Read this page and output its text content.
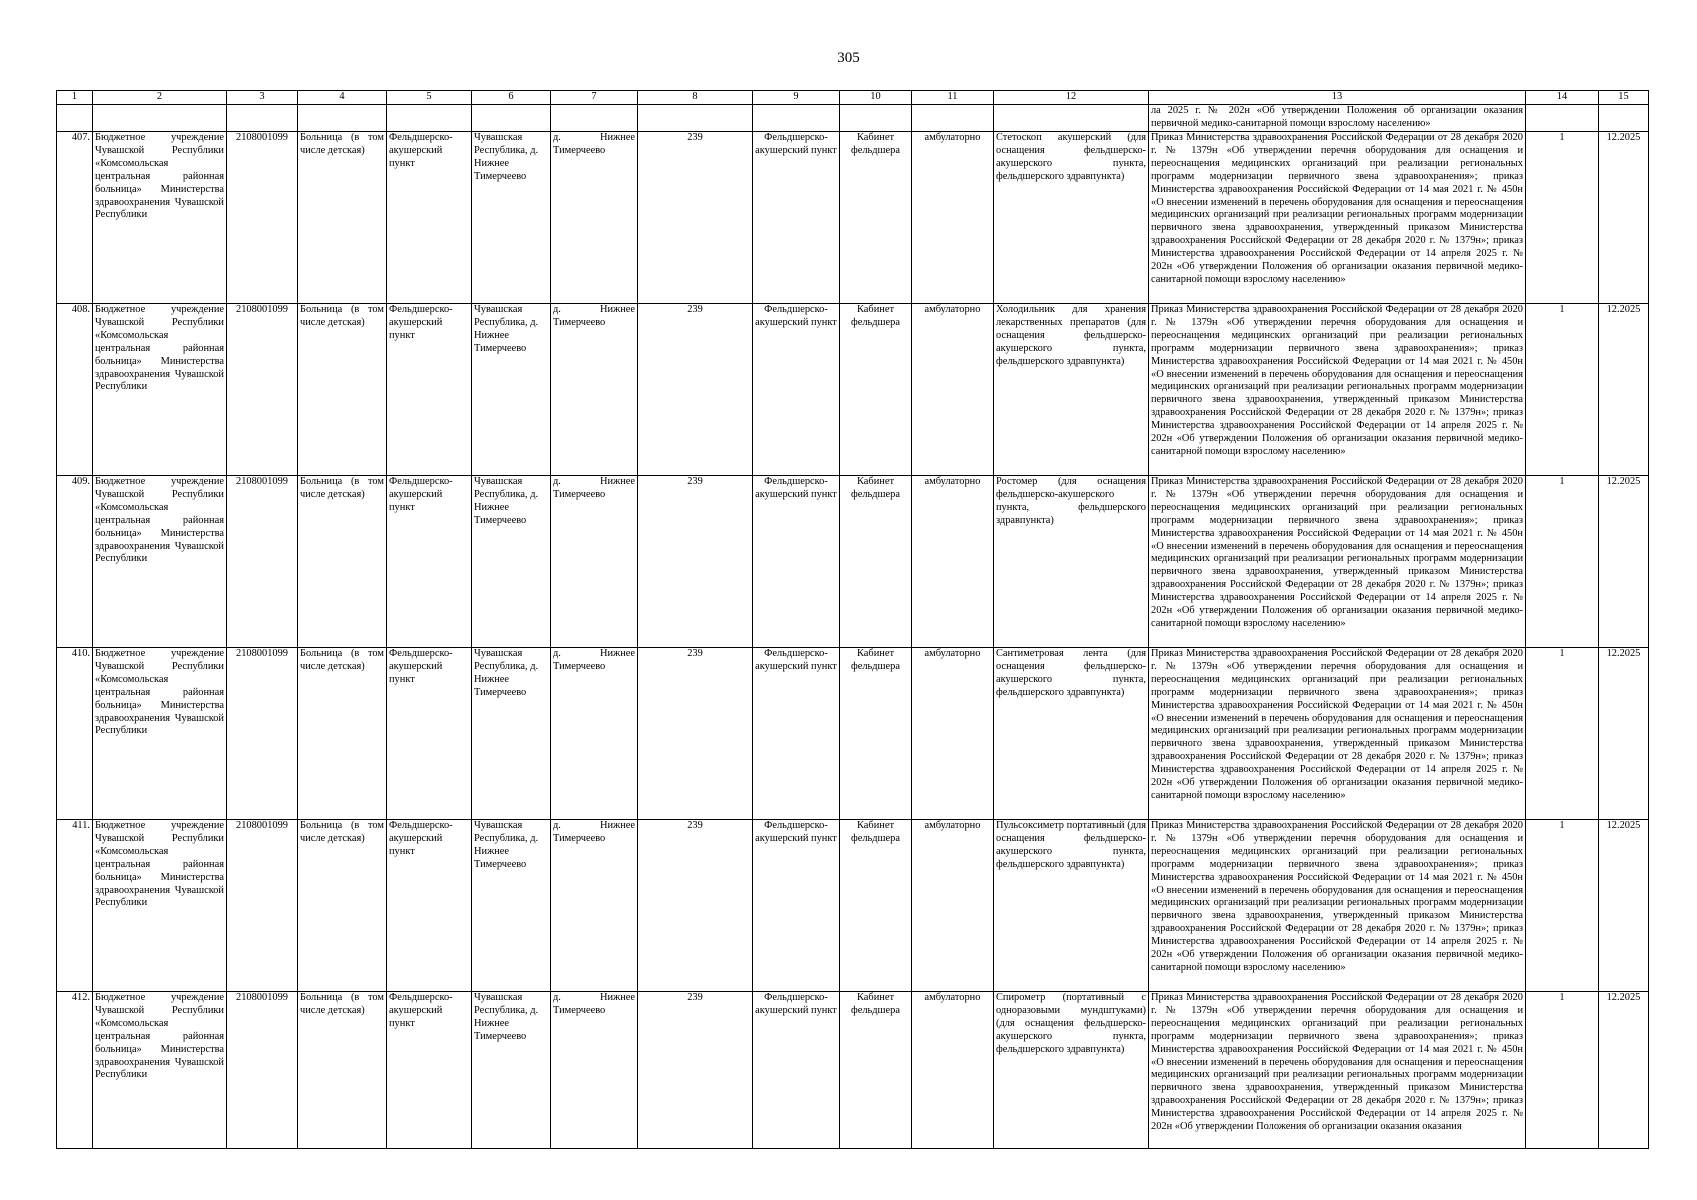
305
1	2	3	4	5	6	7	8	9	10	11	12	13	14	15
												ла 2025 г. № 202н «Об утверждении Положения об организации оказания первичной медико-санитарной помощи взрослому населению»		
407.	Бюджетное учреждение Чувашской Республики «Комсомольская центральная районная больница» Министерства здравоохранения Чувашской Республики	2108001099	Больница (в том числе детская)	Фельдшерско-акушерский пункт	Чувашская Республика, д. Нижнее Тимерчеево	д. Нижнее Тимерчеево	239	Фельдшерско-акушерский пункт	Кабинет фельдшера	амбулаторно	Стетоскоп акушерский (для оснащения фельдшерско-акушерского пункта, фельдшерского здравпункта)	Приказ Министерства здравоохранения Российской Федерации от 28 декабря 2020 г. № 1379н «Об утверждении перечня оборудования для оснащения и переоснащения медицинских организаций при реализации региональных программ модернизации первичного звена здравоохранения»; приказ Министерства здравоохранения Российской Федерации от 14 мая 2021 г. № 450н «О внесении изменений в перечень оборудования для оснащения и переоснащения медицинских организаций при реализации региональных программ модернизации первичного звена здравоохранения, утвержденный приказом Министерства здравоохранения Российской Федерации от 28 декабря 2020 г. № 1379н»; приказ Министерства здравоохранения Российской Федерации от 14 апреля 2025 г. № 202н «Об утверждении Положения об организации оказания первичной медико-санитарной помощи взрослому населению»	1	12.2025
408.	Бюджетное учреждение Чувашской Республики «Комсомольская центральная районная больница» Министерства здравоохранения Чувашской Республики	2108001099	Больница (в том числе детская)	Фельдшерско-акушерский пункт	Чувашская Республика, д. Нижнее Тимерчеево	д. Нижнее Тимерчеево	239	Фельдшерско-акушерский пункт	Кабинет фельдшера	амбулаторно	Холодильник для хранения лекарственных препаратов (для оснащения фельдшерско-акушерского пункта, фельдшерского здравпункта)	Приказ Министерства здравоохранения Российской Федерации от 28 декабря 2020 г. № 1379н «Об утверждении перечня оборудования для оснащения и переоснащения медицинских организаций при реализации региональных программ модернизации первичного звена здравоохранения»; приказ Министерства здравоохранения Российской Федерации от 14 мая 2021 г. № 450н «О внесении изменений в перечень оборудования для оснащения и переоснащения медицинских организаций при реализации региональных программ модернизации первичного звена здравоохранения, утвержденный приказом Министерства здравоохранения Российской Федерации от 28 декабря 2020 г. № 1379н»; приказ Министерства здравоохранения Российской Федерации от 14 апреля 2025 г. № 202н «Об утверждении Положения об организации оказания первичной медико-санитарной помощи взрослому населению»	1	12.2025
409.	Бюджетное учреждение Чувашской Республики «Комсомольская центральная районная больница» Министерства здравоохранения Чувашской Республики	2108001099	Больница (в том числе детская)	Фельдшерско-акушерский пункт	Чувашская Республика, д. Нижнее Тимерчеево	д. Нижнее Тимерчеево	239	Фельдшерско-акушерский пункт	Кабинет фельдшера	амбулаторно	Ростомер (для оснащения фельдшерско-акушерского пункта, фельдшерского здравпункта)	Приказ Министерства здравоохранения Российской Федерации от 28 декабря 2020 г. № 1379н «Об утверждении перечня оборудования для оснащения и переоснащения медицинских организаций при реализации региональных программ модернизации первичного звена здравоохранения»; приказ Министерства здравоохранения Российской Федерации от 14 мая 2021 г. № 450н «О внесении изменений в перечень оборудования для оснащения и переоснащения медицинских организаций при реализации региональных программ модернизации первичного звена здравоохранения, утвержденный приказом Министерства здравоохранения Российской Федерации от 28 декабря 2020 г. № 1379н»; приказ Министерства здравоохранения Российской Федерации от 14 апреля 2025 г. № 202н «Об утверждении Положения об организации оказания первичной медико-санитарной помощи взрослому населению»	1	12.2025
410.	Бюджетное учреждение Чувашской Республики «Комсомольская центральная районная больница» Министерства здравоохранения Чувашской Республики	2108001099	Больница (в том числе детская)	Фельдшерско-акушерский пункт	Чувашская Республика, д. Нижнее Тимерчеево	д. Нижнее Тимерчеево	239	Фельдшерско-акушерский пункт	Кабинет фельдшера	амбулаторно	Сантиметровая лента (для оснащения фельдшерско-акушерского пункта, фельдшерского здравпункта)	Приказ Министерства здравоохранения Российской Федерации от 28 декабря 2020 г. № 1379н «Об утверждении перечня оборудования для оснащения и переоснащения медицинских организаций при реализации региональных программ модернизации первичного звена здравоохранения»; приказ Министерства здравоохранения Российской Федерации от 14 мая 2021 г. № 450н «О внесении изменений в перечень оборудования для оснащения и переоснащения медицинских организаций при реализации региональных программ модернизации первичного звена здравоохранения, утвержденный приказом Министерства здравоохранения Российской Федерации от 28 декабря 2020 г. № 1379н»; приказ Министерства здравоохранения Российской Федерации от 14 апреля 2025 г. № 202н «Об утверждении Положения об организации оказания первичной медико-санитарной помощи взрослому населению»	1	12.2025
411.	Бюджетное учреждение Чувашской Республики «Комсомольская центральная районная больница» Министерства здравоохранения Чувашской Республики	2108001099	Больница (в том числе детская)	Фельдшерско-акушерский пункт	Чувашская Республика, д. Нижнее Тимерчеево	д. Нижнее Тимерчеево	239	Фельдшерско-акушерский пункт	Кабинет фельдшера	амбулаторно	Пульсоксиметр портативный (для оснащения фельдшерско-акушерского пункта, фельдшерского здравпункта)	Приказ Министерства здравоохранения Российской Федерации от 28 декабря 2020 г. № 1379н «Об утверждении перечня оборудования для оснащения и переоснащения медицинских организаций при реализации региональных программ модернизации первичного звена здравоохранения»; приказ Министерства здравоохранения Российской Федерации от 14 мая 2021 г. № 450н «О внесении изменений в перечень оборудования для оснащения и переоснащения медицинских организаций при реализации региональных программ модернизации первичного звена здравоохранения, утвержденный приказом Министерства здравоохранения Российской Федерации от 28 декабря 2020 г. № 1379н»; приказ Министерства здравоохранения Российской Федерации от 14 апреля 2025 г. № 202н «Об утверждении Положения об организации оказания первичной медико-санитарной помощи взрослому населению»	1	12.2025
412.	Бюджетное учреждение Чувашской Республики «Комсомольская центральная районная больница» Министерства здравоохранения Чувашской Республики	2108001099	Больница (в том числе детская)	Фельдшерско-акушерский пункт	Чувашская Республика, д. Нижнее Тимерчеево	д. Нижнее Тимерчеево	239	Фельдшерско-акушерский пункт	Кабинет фельдшера	амбулаторно	Спирометр (портативный с одноразовыми мундштуками) (для оснащения фельдшерско-акушерского пункта, фельдшерского здравпункта)	Приказ Министерства здравоохранения Российской Федерации от 28 декабря 2020 г. № 1379н «Об утверждении перечня оборудования для оснащения и переоснащения медицинских организаций при реализации региональных программ модернизации первичного звена здравоохранения»; приказ Министерства здравоохранения Российской Федерации от 14 мая 2021 г. № 450н «О внесении изменений в перечень оборудования для оснащения и переоснащения медицинских организаций при реализации региональных программ модернизации первичного звена здравоохранения, утвержденный приказом Министерства здравоохранения Российской Федерации от 28 декабря 2020 г. № 1379н»; приказ Министерства здравоохранения Российской Федерации от 14 апреля 2025 г. № 202н «Об утверждении Положения об организации оказания оказания	1	12.2025
